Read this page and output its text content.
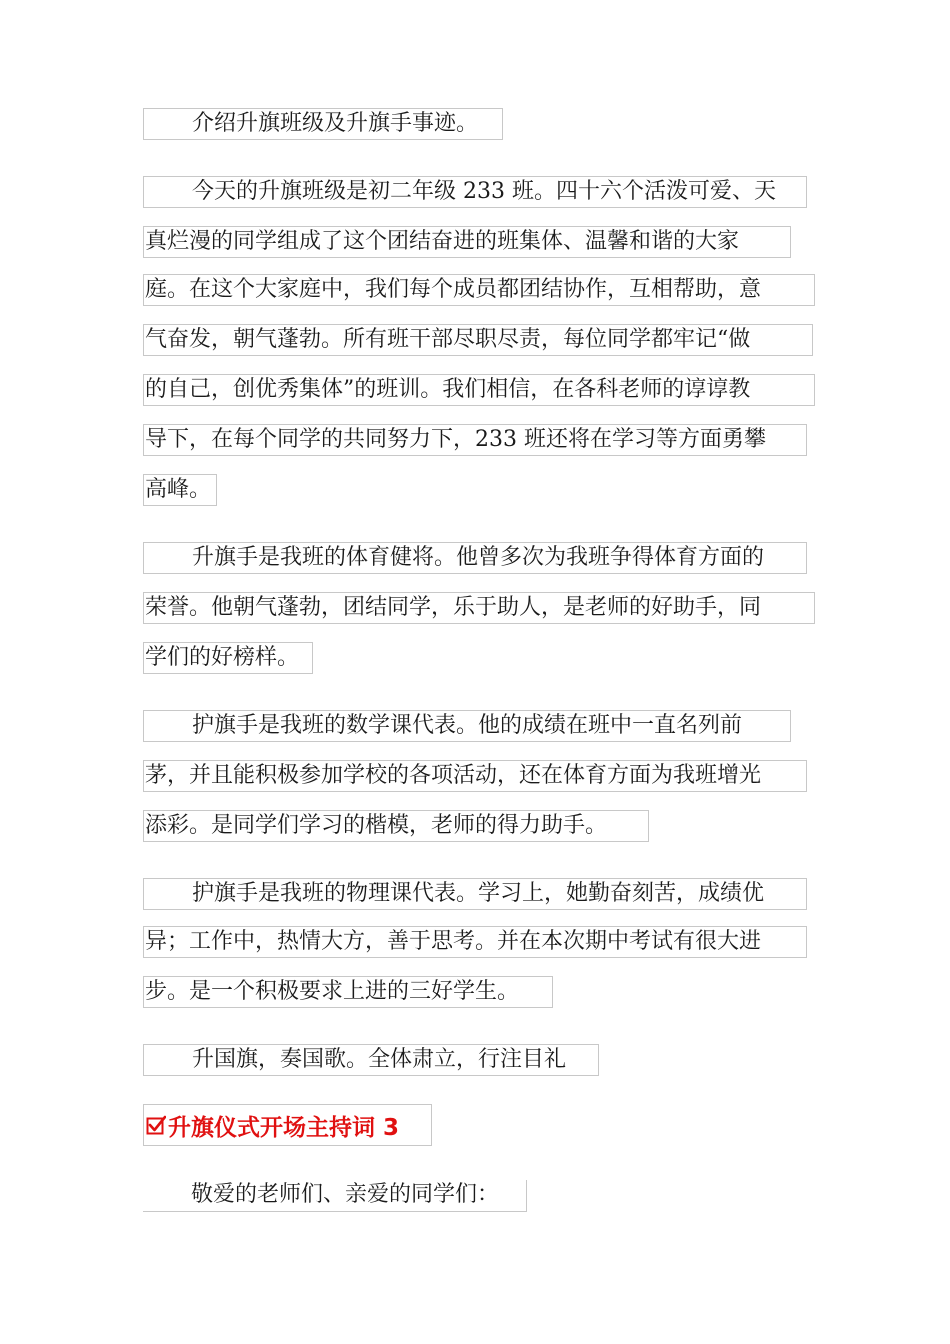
介绍升旗班级及升旗手事迹。
今天的升旗班级是初二年级 233 班。四十六个活泼可爱、天
真烂漫的同学组成了这个团结奋进的班集体、温馨和谐的大家
庭。在这个大家庭中，我们每个成员都团结协作，互相帮助，意
气奋发，朝气蓬勃。所有班干部尽职尽责，每位同学都牢记“做
的自己，创优秀集体”的班训。我们相信，在各科老师的谆谆教
导下，在每个同学的共同努力下，233 班还将在学习等方面勇攀
高峰。
升旗手是我班的体育健将。他曾多次为我班争得体育方面的
荣誉。他朝气蓬勃，团结同学，乐于助人，是老师的好助手，同
学们的好榜样。
护旗手是我班的数学课代表。他的成绩在班中一直名列前
茅，并且能积极参加学校的各项活动，还在体育方面为我班增光
添彩。是同学们学习的楷模，老师的得力助手。
护旗手是我班的物理课代表。学习上，她勤奋刻苦，成绩优
异；工作中，热情大方，善于思考。并在本次期中考试有很大进
步。是一个积极要求上进的三好学生。
升国旗，奏国歌。全体肃立，行注目礼
升旗仪式开场主持词 3
敬爱的老师们、亲爱的同学们：
